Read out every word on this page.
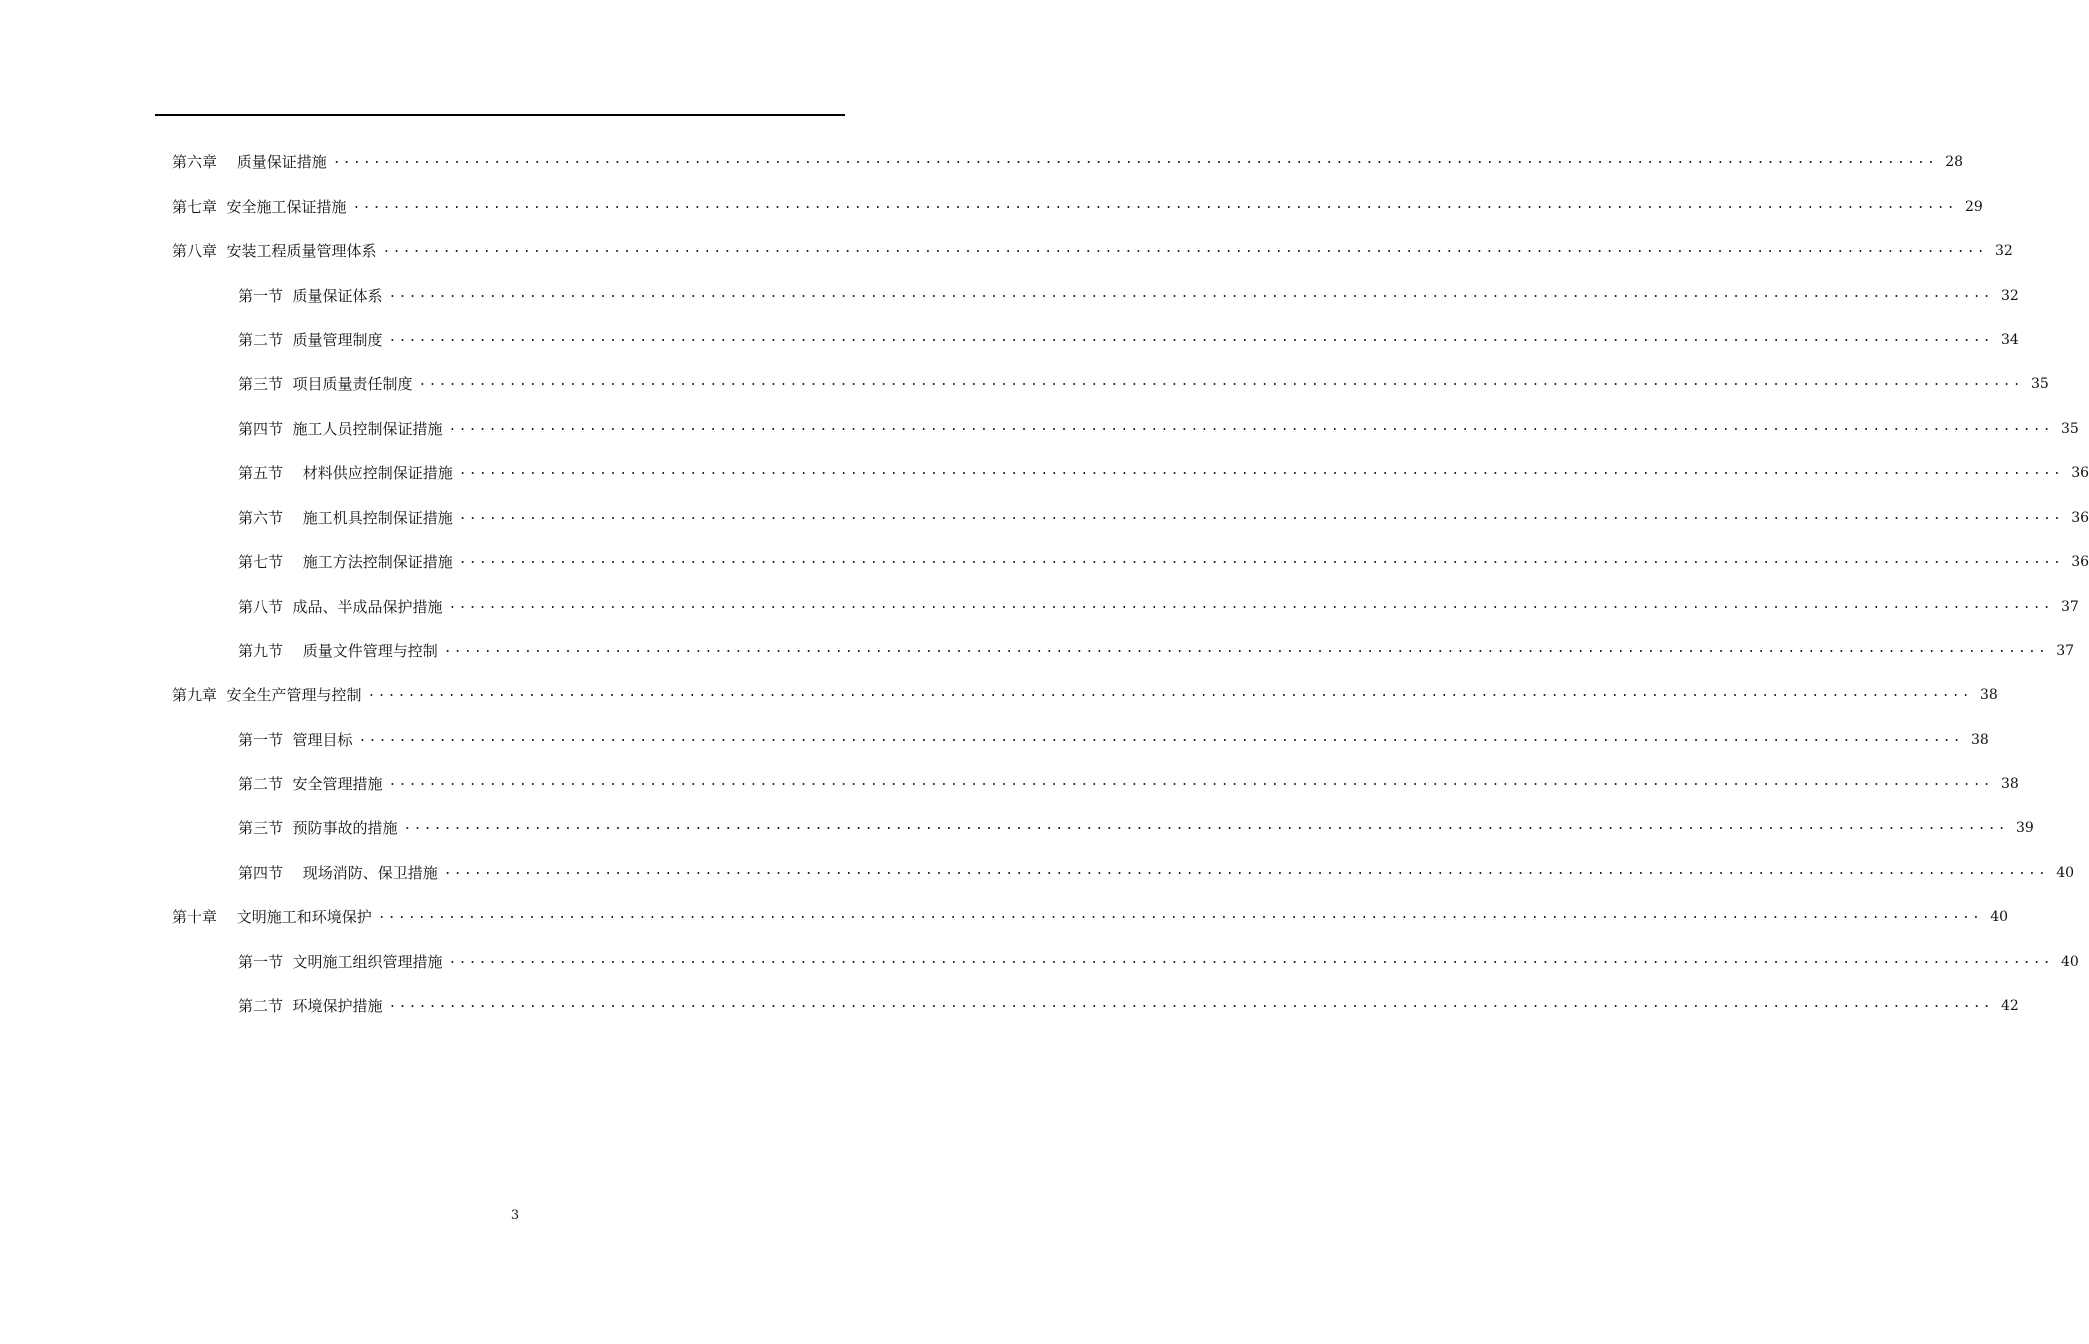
第六章　 质量保证措施 ................................................................................................................................................................ 28
第七章  安全施工保证措施 ................................................................................................................................................................ 29
第八章  安装工程质量管理体系 ................................................................................................................................................................ 32
第一节  质量保证体系 ................................................................................................................................................................ 32
第二节  质量管理制度 ................................................................................................................................................................ 34
第三节  项目质量责任制度 ................................................................................................................................................................ 35
第四节  施工人员控制保证措施 ................................................................................................................................................................ 35
第五节　 材料供应控制保证措施 ................................................................................................................................................................ 36
第六节　 施工机具控制保证措施 ................................................................................................................................................................ 36
第七节　 施工方法控制保证措施 ................................................................................................................................................................ 36
第八节  成品、半成品保护措施 ................................................................................................................................................................ 37
第九节　 质量文件管理与控制 ................................................................................................................................................................ 37
第九章  安全生产管理与控制 ................................................................................................................................................................ 38
第一节  管理目标 ................................................................................................................................................................ 38
第二节  安全管理措施 ................................................................................................................................................................ 38
第三节  预防事故的措施 ................................................................................................................................................................ 39
第四节　 现场消防、保卫措施 ................................................................................................................................................................ 40
第十章　 文明施工和环境保护 ................................................................................................................................................................ 40
第一节  文明施工组织管理措施 ................................................................................................................................................................ 40
第二节  环境保护措施 ................................................................................................................................................................ 42
3
